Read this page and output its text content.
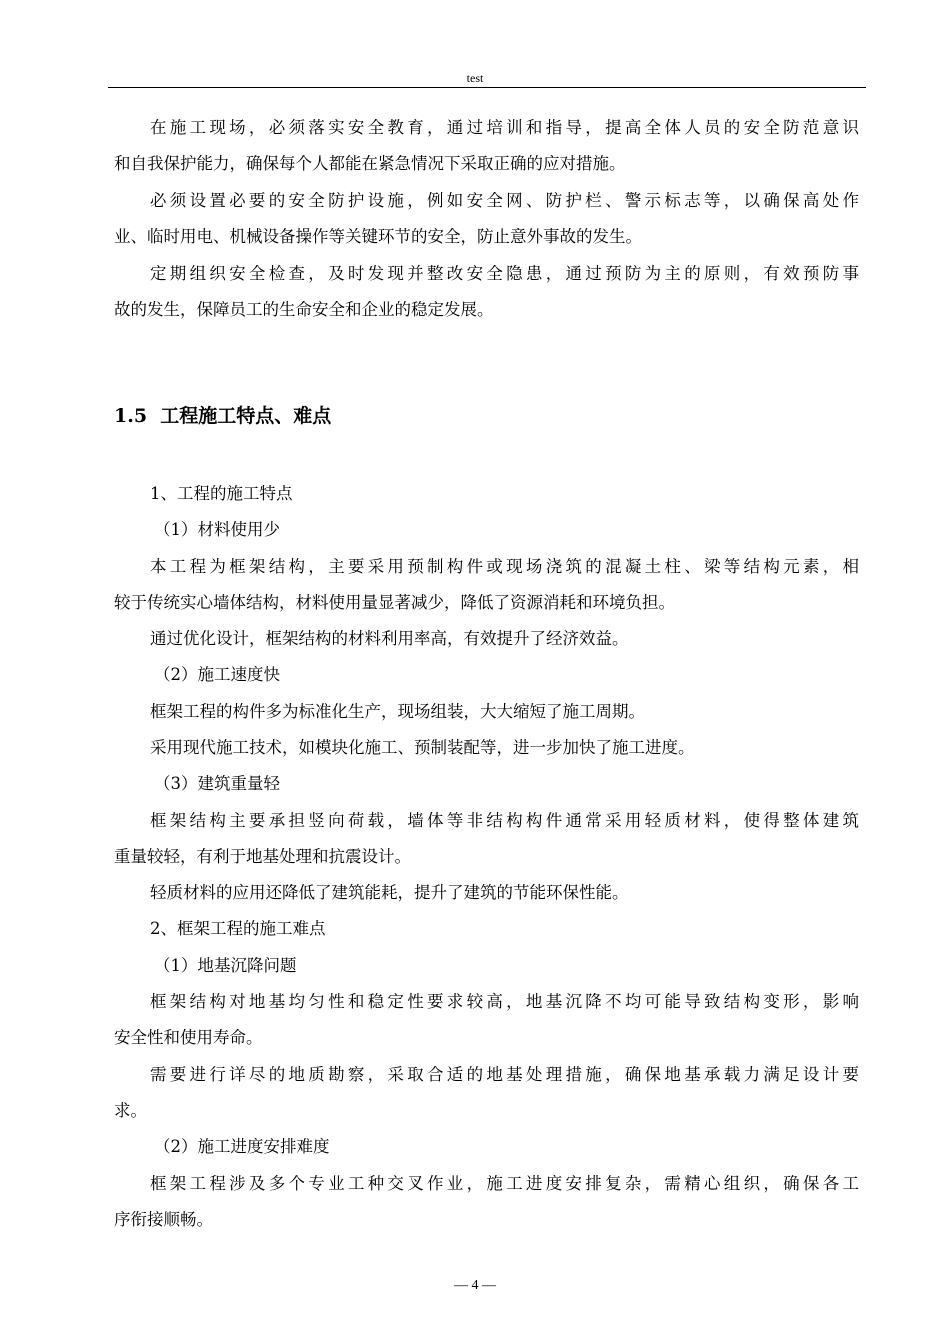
test
在施工现场，必须落实安全教育，通过培训和指导，提高全体人员的安全防范意识
和自我保护能力，确保每个人都能在紧急情况下采取正确的应对措施。
必须设置必要的安全防护设施，例如安全网、防护栏、警示标志等，以确保高处作
业、临时用电、机械设备操作等关键环节的安全，防止意外事故的发生。
定期组织安全检查，及时发现并整改安全隐患，通过预防为主的原则，有效预防事
故的发生，保障员工的生命安全和企业的稳定发展。
1.5 工程施工特点、难点
1、工程的施工特点
（1）材料使用少
本工程为框架结构，主要采用预制构件或现场浇筑的混凝土柱、梁等结构元素，相
较于传统实心墙体结构，材料使用量显著减少，降低了资源消耗和环境负担。
通过优化设计，框架结构的材料利用率高，有效提升了经济效益。
（2）施工速度快
框架工程的构件多为标准化生产，现场组装，大大缩短了施工周期。
采用现代施工技术，如模块化施工、预制装配等，进一步加快了施工进度。
（3）建筑重量轻
框架结构主要承担竖向荷载，墙体等非结构构件通常采用轻质材料，使得整体建筑
重量较轻，有利于地基处理和抗震设计。
轻质材料的应用还降低了建筑能耗，提升了建筑的节能环保性能。
2、框架工程的施工难点
（1）地基沉降问题
框架结构对地基均匀性和稳定性要求较高，地基沉降不均可能导致结构变形，影响
安全性和使用寿命。
需要进行详尽的地质勘察，采取合适的地基处理措施，确保地基承载力满足设计要
求。
（2）施工进度安排难度
框架工程涉及多个专业工种交叉作业，施工进度安排复杂，需精心组织，确保各工
序衔接顺畅。
— 4 —
